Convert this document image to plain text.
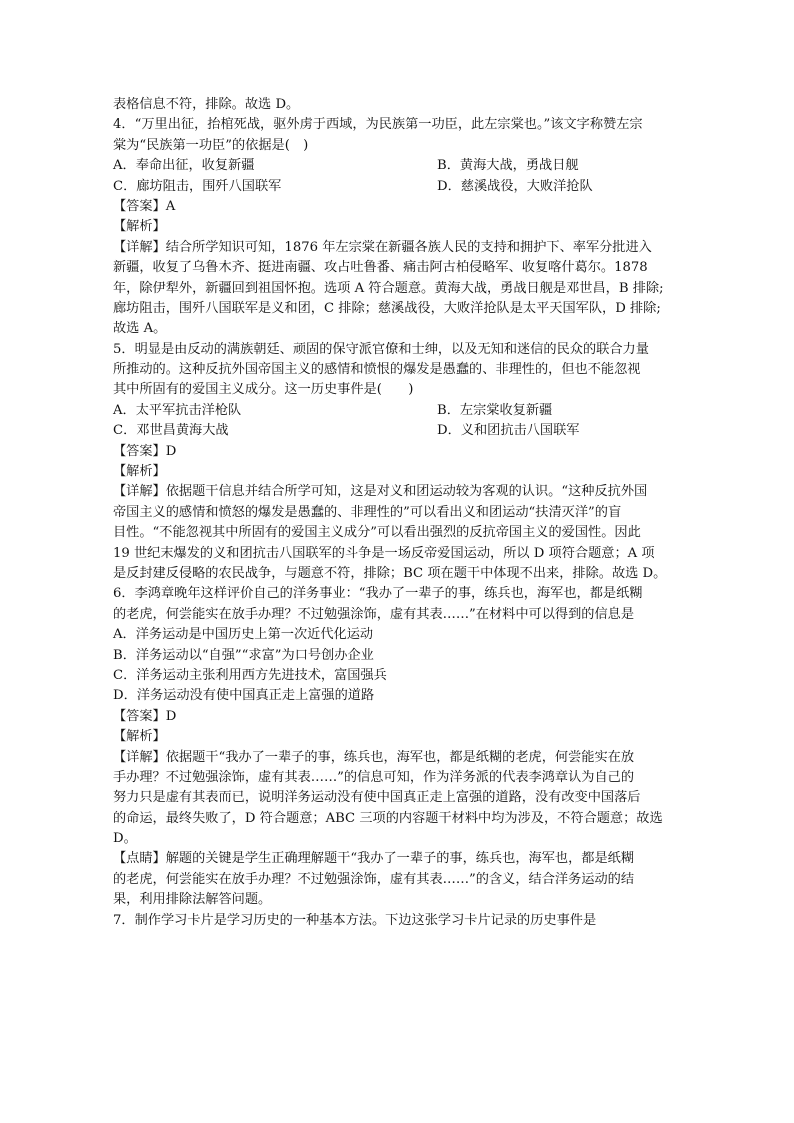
表格信息不符，排除。故选 D。
4．“万里出征，抬棺死战，驱外虏于西域，为民族第一功臣，此左宗棠也。”该文字称赞左宗
棠为“民族第一功臣”的依据是(　)
A．奉命出征，收复新疆	B．黄海大战，勇战日舰
C．廊坊阻击，围歼八国联军	D．慈溪战役，大败洋抢队
【答案】A
【解析】
【详解】结合所学知识可知，1876 年左宗棠在新疆各族人民的支持和拥护下、率军分批进入
新疆，收复了乌鲁木齐、挺进南疆、攻占吐鲁番、痛击阿古柏侵略军、收复喀什葛尔。1878
年，除伊犁外，新疆回到祖国怀抱。选项 A 符合题意。黄海大战，勇战日舰是邓世昌，B 排除;
廊坊阻击，围歼八国联军是义和团，C 排除；慈溪战役，大败洋抢队是太平天国军队，D 排除;
故选 A。
5．明显是由反动的满族朝廷、顽固的保守派官僚和士绅，以及无知和迷信的民众的联合力量
所推动的。这种反抗外国帝国主义的感情和愤恨的爆发是愚蠢的、非理性的，但也不能忽视
其中所固有的爱国主义成分。这一历史事件是(　　)
A．太平军抗击洋枪队	B．左宗棠收复新疆
C．邓世昌黄海大战	D．义和团抗击八国联军
【答案】D
【解析】
【详解】依据题干信息并结合所学可知，这是对义和团运动较为客观的认识。“这种反抗外国
帝国主义的感情和愤怒的爆发是愚蠢的、非理性的”可以看出义和团运动“扶清灭洋”的盲
目性。“不能忽视其中所固有的爱国主义成分”可以看出强烈的反抗帝国主义的爱国性。因此
19 世纪末爆发的义和团抗击八国联军的斗争是一场反帝爱国运动，所以 D 项符合题意；A 项
是反封建反侵略的农民战争，与题意不符，排除；BC 项在题干中体现不出来，排除。故选 D。
6．李鸿章晚年这样评价自己的洋务事业：“我办了一辈子的事，练兵也，海军也，都是纸糊
的老虎，何尝能实在放手办理？不过勉强涂饰，虚有其表……”在材料中可以得到的信息是
A．洋务运动是中国历史上第一次近代化运动
B．洋务运动以“自强”“求富”为口号创办企业
C．洋务运动主张利用西方先进技术，富国强兵
D．洋务运动没有使中国真正走上富强的道路
【答案】D
【解析】
【详解】依据题干“我办了一辈子的事，练兵也，海军也，都是纸糊的老虎，何尝能实在放
手办理？不过勉强涂饰，虚有其表……”的信息可知，作为洋务派的代表李鸿章认为自己的
努力只是虚有其表而已，说明洋务运动没有使中国真正走上富强的道路，没有改变中国落后
的命运，最终失败了，D 符合题意；ABC 三项的内容题干材料中均为涉及，不符合题意；故选
D。
【点睛】解题的关键是学生正确理解题干“我办了一辈子的事，练兵也，海军也，都是纸糊
的老虎，何尝能实在放手办理？不过勉强涂饰，虚有其表……”的含义，结合洋务运动的结
果，利用排除法解答问题。
7．制作学习卡片是学习历史的一种基本方法。下边这张学习卡片记录的历史事件是
